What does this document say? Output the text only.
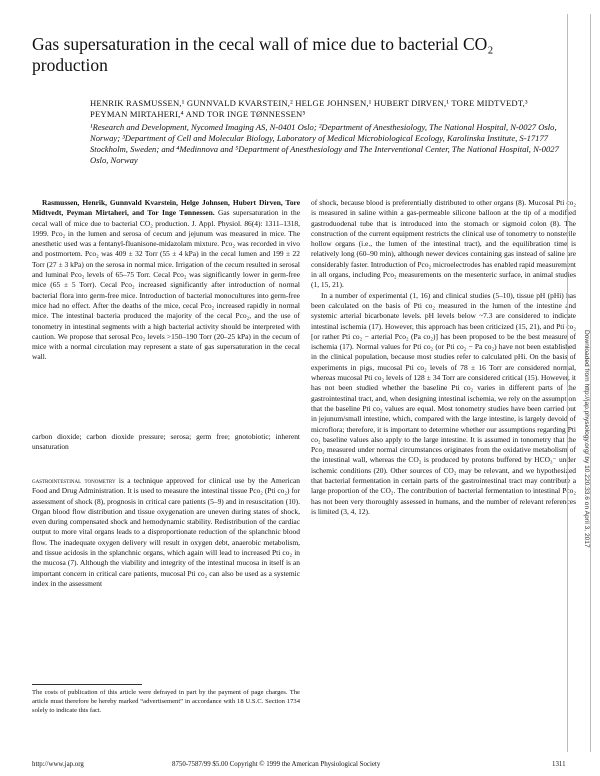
Gas supersaturation in the cecal wall of mice due to bacterial CO₂ production
HENRIK RASMUSSEN,¹ GUNNVALD KVARSTEIN,² HELGE JOHNSEN,¹ HUBERT DIRVEN,¹ TORE MIDTVEDT,³ PEYMAN MIRTAHERI,⁴ AND TOR INGE TØNNESSEN⁵
¹Research and Development, Nycomed Imaging AS, N-0401 Oslo; ²Department of Anesthesiology, The National Hospital, N-0027 Oslo, Norway; ³Department of Cell and Molecular Biology, Laboratory of Medical Microbiological Ecology, Karolinska Institute, S-17177 Stockholm, Sweden; and ⁴Medinnova and ⁵Department of Anesthesiology and The Interventional Center, The National Hospital, N-0027 Oslo, Norway

Rasmussen, Henrik, Gunnvald Kvarstein, Helge Johnsen, Hubert Dirven, Tore Midtvedt, Peyman Mirtaheri, and Tor Inge Tønnessen. Gas supersaturation in the cecal wall of mice due to bacterial CO₂ production. J. Appl. Physiol. 86(4): 1311–1318, 1999. Pco₂ in the lumen and serosa of cecum and jejunum was measured in mice. The anesthetic used was a fentanyl-fluanisone-midazolam mixture. Pco₂ was recorded in vivo and postmortem. Pco₂ was 409 ± 32 Torr (55 ± 4 kPa) in the cecal lumen and 199 ± 22 Torr (27 ± 3 kPa) on the serosa in normal mice. Irrigation of the cecum resulted in serosal and luminal Pco₂ levels of 65–75 Torr. Cecal Pco₂ was significantly lower in germ-free mice (65 ± 5 Torr). Cecal Pco₂ increased significantly after introduction of normal bacterial flora into germ-free mice. Introduction of bacterial monocultures into germ-free mice had no effect. After the deaths of the mice, cecal Pco₂ increased rapidly in normal mice. The intestinal bacteria produced the majority of the cecal Pco₂, and the use of tonometry in intestinal segments with a high bacterial activity should be interpreted with caution. We propose that serosal Pco₂ levels >150–190 Torr (20–25 kPa) in the cecum of mice with a normal circulation may represent a state of gas supersaturation in the cecal wall.

carbon dioxide; carbon dioxide pressure; serosa; germ free; gnotobiotic; inherent unsaturation

gastrointestinal tonometry is a technique approved for clinical use by the American Food and Drug Administration. It is used to measure the intestinal tissue Pco₂ (Pti co₂) for assessment of shock (8), prognosis in critical care patients (5–9) and in resuscitation (10). Organ blood flow distribution and tissue oxygenation are uneven during states of shock, even during compensated shock and hemodynamic stability. Redistribution of the cardiac output to more vital organs leads to a disproportionate reduction of the splanchnic blood flow. The inadequate oxygen delivery will result in oxygen debt, anaerobic metabolism, and tissue acidosis in the splanchnic organs, which again will lead to increased Pti co₂ in the mucosa (7). Although the viability and integrity of the intestinal mucosa in itself is an important concern in critical care patients, mucosal Pti co₂ can also be used as a systemic index in the assessment

The costs of publication of this article were defrayed in part by the payment of page charges. The article must therefore be hereby marked “advertisement” in accordance with 18 U.S.C. Section 1734 solely to indicate this fact.

of shock, because blood is preferentially distributed to other organs (8). Mucosal Pti co₂ is measured in saline within a gas-permeable silicone balloon at the tip of a modified gastroduodenal tube that is introduced into the stomach or sigmoid colon (8). The construction of the current equipment restricts the clinical use of tonometry to nonsterile hollow organs (i.e., the lumen of the intestinal tract), and the equilibration time is relatively long (60–90 min), although newer devices containing gas instead of saline are considerably faster. Introduction of Pco₂ microelectrodes has enabled rapid measurement in all organs, including Pco₂ measurements on the mesenteric surface, in animal studies (1, 15, 21).

In a number of experimental (1, 16) and clinical studies (5–10), tissue pH (pHi) has been calculated on the basis of Pti co₂ measured in the lumen of the intestine and systemic arterial bicarbonate levels. pH levels below ~7.3 are considered to indicate intestinal ischemia (17). However, this approach has been criticized (15, 21), and Pti co₂ [or rather Pti co₂ − arterial Pco₂ (Pa co₂)] has been proposed to be the best measure of ischemia (17). Normal values for Pti co₂ (or Pti co₂ − Pa co₂) have not been established in the clinical population, because most studies refer to calculated pHi. On the basis of experiments in pigs, mucosal Pti co₂ levels of 78 ± 16 Torr are considered normal, whereas mucosal Pti co₂ levels of 128 ± 34 Torr are considered critical (15). However, it has not been studied whether the baseline Pti co₂ varies in different parts of the gastrointestinal tract, and, when designing intestinal ischemia, we rely on the assumption that the baseline Pti co₂ values are equal. Most tonometry studies have been carried out in jejunum/small intestine, which, compared with the large intestine, is largely devoid of microflora; therefore, it is important to determine whether our assumptions regarding Pti co₂ baseline values also apply to the large intestine. It is assumed in tonometry that the Pco₂ measured under normal circumstances originates from the oxidative metabolism of the intestinal wall, whereas the CO₂ is produced by protons buffered by HCO₃⁻ under ischemic conditions (20). Other sources of CO₂ may be relevant, and we hypothesized that bacterial fermentation in certain parts of the gastrointestinal tract may contribute a large proportion of the CO₂. The contribution of bacterial fermentation to intestinal Pco₂ has not been very thoroughly assessed in humans, and the number of relevant references is limited (3, 4, 12).

http://www.jap.org	8750-7587/99 $5.00 Copyright © 1999 the American Physiological Society	1311
Downloaded from http://jap.physiology.org/ by 10.220.33.6 on April 3, 2017
